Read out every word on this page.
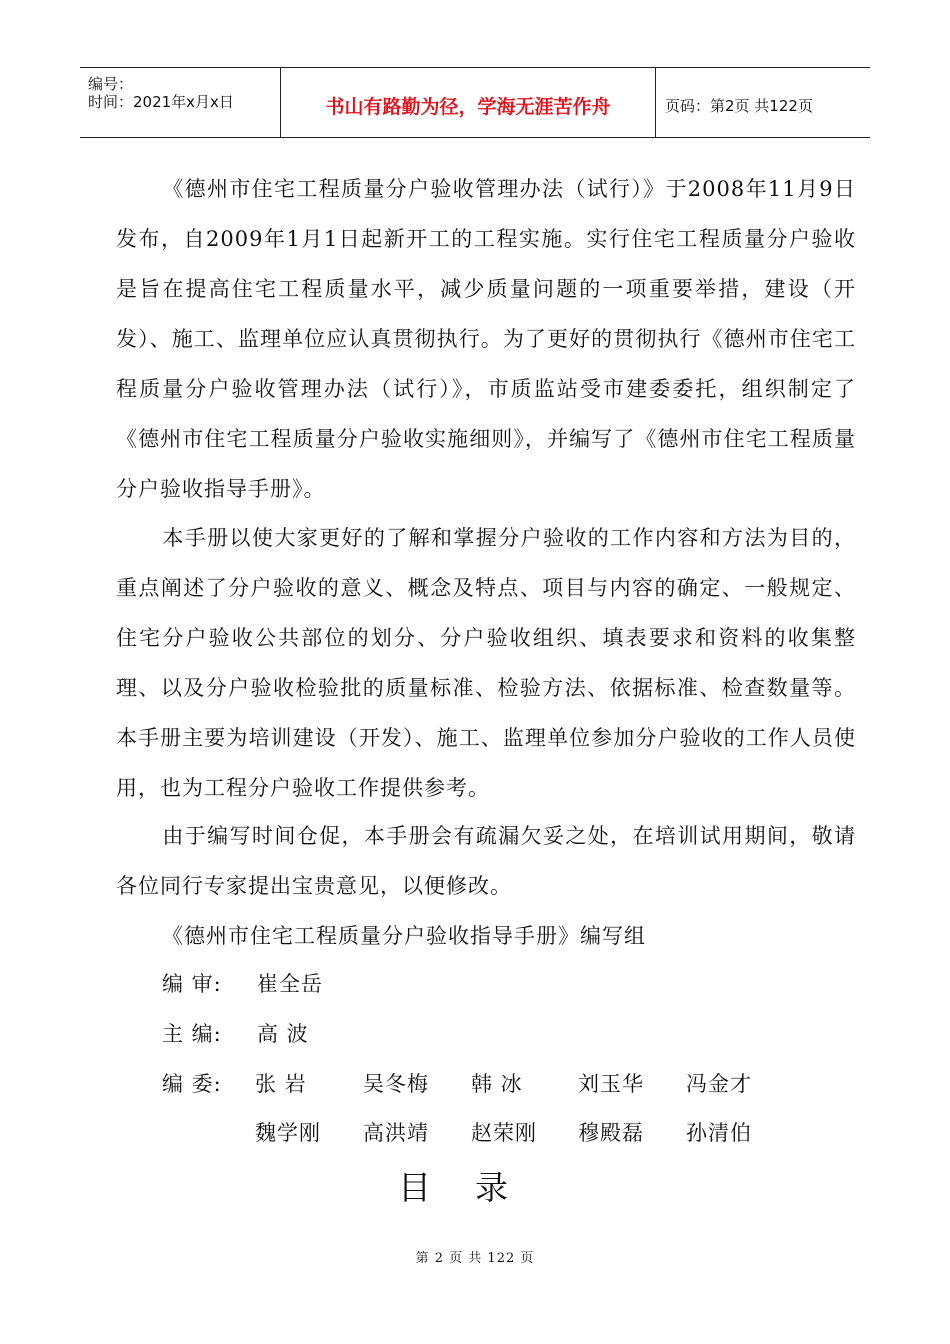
编号：
时间：2021年x月x日	书山有路勤为径，学海无涯苦作舟	页码：第2页 共122页

《德州市住宅工程质量分户验收管理办法（试行）》于2008年11月9日发布，自2009年1月1日起新开工的工程实施。实行住宅工程质量分户验收是旨在提高住宅工程质量水平，减少质量问题的一项重要举措，建设（开发）、施工、监理单位应认真贯彻执行。为了更好的贯彻执行《德州市住宅工程质量分户验收管理办法（试行）》，市质监站受市建委委托，组织制定了《德州市住宅工程质量分户验收实施细则》，并编写了《德州市住宅工程质量分户验收指导手册》。

本手册以使大家更好的了解和掌握分户验收的工作内容和方法为目的，重点阐述了分户验收的意义、概念及特点、项目与内容的确定、一般规定、住宅分户验收公共部位的划分、分户验收组织、填表要求和资料的收集整理、以及分户验收检验批的质量标准、检验方法、依据标准、检查数量等。本手册主要为培训建设（开发）、施工、监理单位参加分户验收的工作人员使用，也为工程分户验收工作提供参考。

由于编写时间仓促，本手册会有疏漏欠妥之处，在培训试用期间，敬请各位同行专家提出宝贵意见，以便修改。

《德州市住宅工程质量分户验收指导手册》编写组
编 审: 崔全岳
主 编: 高 波
编 委: 张 岩	吴冬梅 韩 冰	刘玉华 冯金才
魏学刚 高洪靖 赵荣刚 穆殿磊 孙清伯
目录
第 2 页 共 122 页
